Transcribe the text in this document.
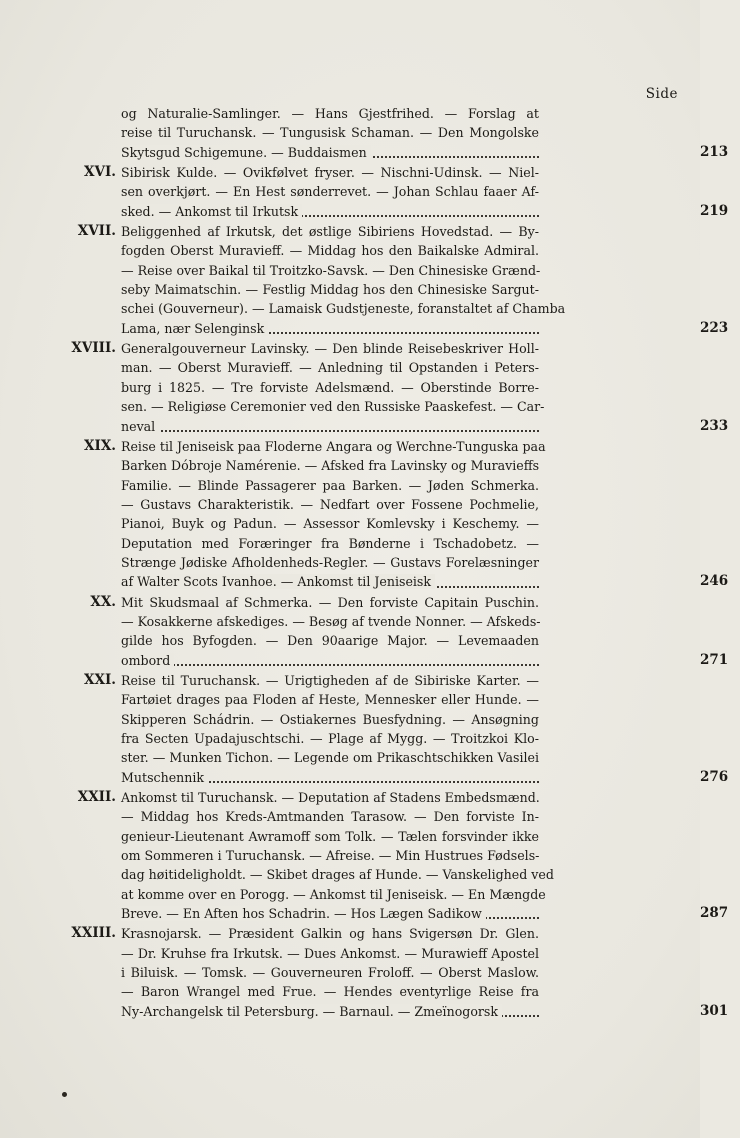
Side
og Naturalie-Samlinger. — Hans Gjestfrihed. — Forslag at
reise til Turuchansk. — Tungusisk Schaman. — Den Mongolske
Skytsgud Schigemune. — Buddaismen	213
XVI. Sibirisk Kulde. — Ovikfølvet fryser. — Nischni-Udinsk. — Niel-
sen overkjørt. — En Hest sønderrevet. — Johan Schlau faaer Af-
sked. — Ankomst til Irkutsk	219
XVII. Beliggenhed af Irkutsk, det østlige Sibiriens Hovedstad. — By-
fogden Oberst Muravieff. — Middag hos den Baikalske Admiral.
— Reise over Baikal til Troitzko-Savsk. — Den Chinesiske Grænd-
seby Maimatschin. — Festlig Middag hos den Chinesiske Sargut-
schei (Gouverneur). — Lamaisk Gudstjeneste, foranstaltet af Chamba
Lama, nær Selenginsk	223
XVIII. Generalgouverneur Lavinsky. — Den blinde Reisebeskriver Holl-
man. — Oberst Muravieff. — Anledning til Opstanden i Peters-
burg i 1825. — Tre forviste Adelsmænd. — Oberstinde Borre-
sen. — Religiøse Ceremonier ved den Russiske Paaskefest. — Car-
neval	233
XIX. Reise til Jeniseisk paa Floderne Angara og Werchne-Tunguska paa
Barken Dóbroje Namérenie. — Afsked fra Lavinsky og Muravieffs
Familie. — Blinde Passagerer paa Barken. — Jøden Schmerka.
— Gustavs Charakteristik. — Nedfart over Fossene Pochmelie,
Pianoi, Buyk og Padun. — Assessor Komlevsky i Keschemy. —
Deputation med Foræringer fra Bønderne i Tschadobetz. —
Strænge Jødiske Afholdenheds-Regler. — Gustavs Forelæsninger
af Walter Scots Ivanhoe. — Ankomst til Jeniseisk	246
XX. Mit Skudsmaal af Schmerka. — Den forviste Capitain Puschin.
— Kosakkerne afskediges. — Besøg af tvende Nonner. — Afskeds-
gilde hos Byfogden. — Den 90aarige Major. — Levemaaden
ombord	271
XXI. Reise til Turuchansk. — Urigtigheden af de Sibiriske Karter. —
Fartøiet drages paa Floden af Heste, Mennesker eller Hunde. —
Skipperen Schádrin. — Ostiakernes Buesfydning. — Ansøgning
fra Secten Upadajuschtschi. — Plage af Mygg. — Troitzkoi Klo-
ster. — Munken Tichon. — Legende om Prikaschtschikken Vasilei
Mutschennik	276
XXII. Ankomst til Turuchansk. — Deputation af Stadens Embedsmænd.
— Middag hos Kreds-Amtmanden Tarasow. — Den forviste In-
genieur-Lieutenant Awramoff som Tolk. — Tælen forsvinder ikke
om Sommeren i Turuchansk. — Afreise. — Min Hustrues Fødsels-
dag høitideligholdt. — Skibet drages af Hunde. — Vanskelighed ved
at komme over en Porogg. — Ankomst til Jeniseisk. — En Mængde
Breve. — En Aften hos Schadrin. — Hos Lægen Sadikow	287
XXIII. Krasnojarsk. — Præsident Galkin og hans Svigersøn Dr. Glen.
— Dr. Kruhse fra Irkutsk. — Dues Ankomst. — Murawieff Apostel
i Biluisk. — Tomsk. — Gouverneuren Froloff. — Oberst Maslow.
— Baron Wrangel med Frue. — Hendes eventyrlige Reise fra
Ny-Archangelsk til Petersburg. — Barnaul. — Zmeïnogorsk	301
